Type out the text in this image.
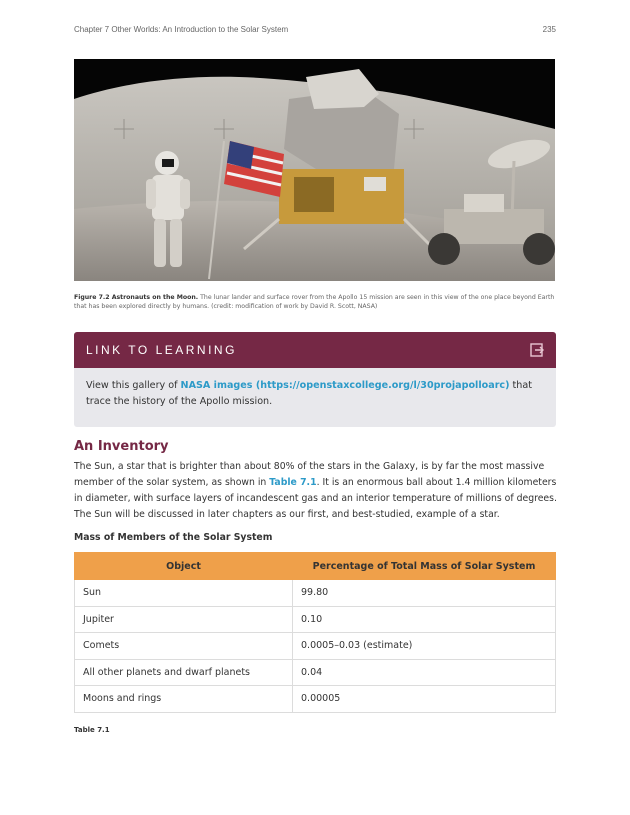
Chapter 7 Other Worlds: An Introduction to the Solar System	235
Figure 7.2 Astronauts on the Moon. The lunar lander and surface rover from the Apollo 15 mission are seen in this view of the one place beyond Earth that has been explored directly by humans. (credit: modification of work by David R. Scott, NASA)
LINK TO LEARNING
View this gallery of NASA images (https://openstaxcollege.org/l/30projapolloarc) that trace the history of the Apollo mission.
An Inventory

The Sun, a star that is brighter than about 80% of the stars in the Galaxy, is by far the most massive member of the solar system, as shown in Table 7.1. It is an enormous ball about 1.4 million kilometers in diameter, with surface layers of incandescent gas and an interior temperature of millions of degrees. The Sun will be discussed in later chapters as our first, and best-studied, example of a star.

Mass of Members of the Solar System

Object	Percentage of Total Mass of Solar System
Sun	99.80
Jupiter	0.10
Comets	0.0005–0.03 (estimate)
All other planets and dwarf planets	0.04
Moons and rings	0.00005

Table 7.1
